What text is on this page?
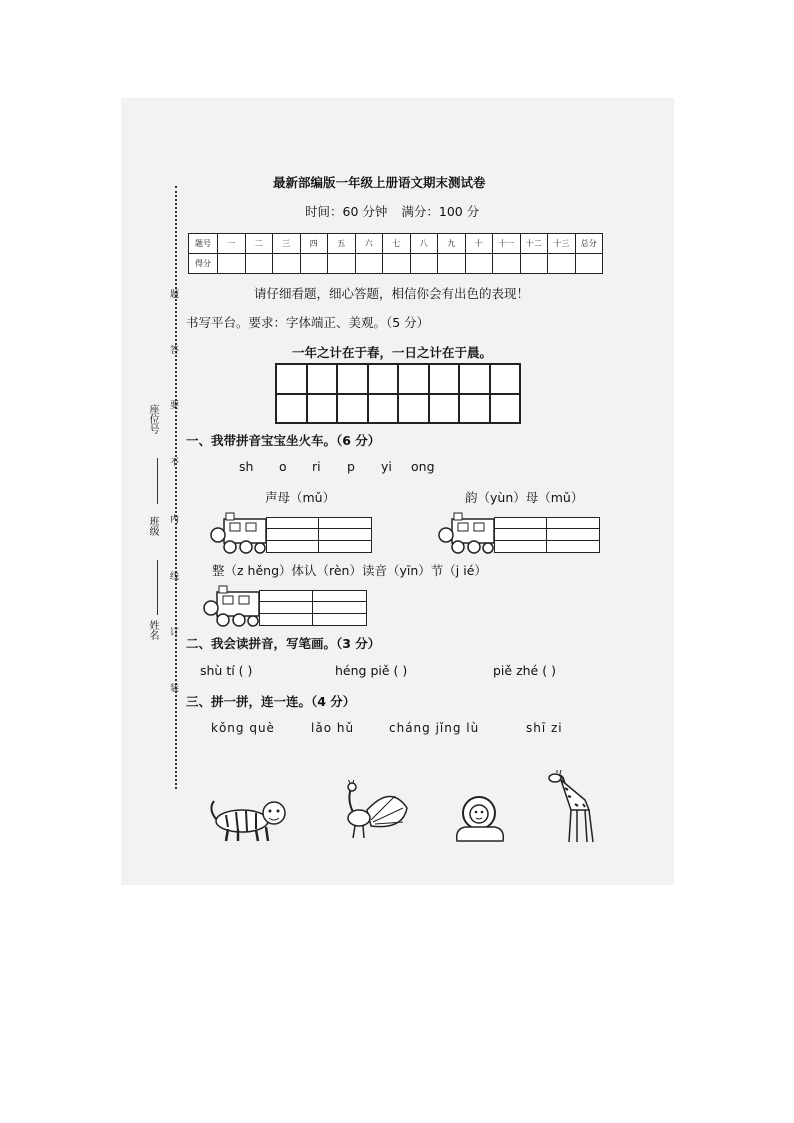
题
答
要
不
内
线
订
装
座位号
班级
姓名
最新部编版一年级上册语文期末测试卷
时间：60 分钟 满分：100 分
题号	一	二	三	四	五	六	七	八	九	十	十一	十二	十三	总分
得分														
请仔细看题，细心答题，相信你会有出色的表现！
书写平台。要求：字体端正、美观。（5 分）
一年之计在于春，一日之计在于晨。
一、我带拼音宝宝坐火车。（6 分）
sh o ri p yi ong
声母（mǔ）	韵（yùn）母（mǔ）
整（z hěng）体认（rèn）读音（yīn）节（j ié）
二、我会读拼音，写笔画。（3 分）
shù tí ( )	héng piě ( )	piě zhé ( )
三、拼一拼，连一连。（4 分）
kǒng què	lǎo hǔ	cháng jǐng lù	shī zi
